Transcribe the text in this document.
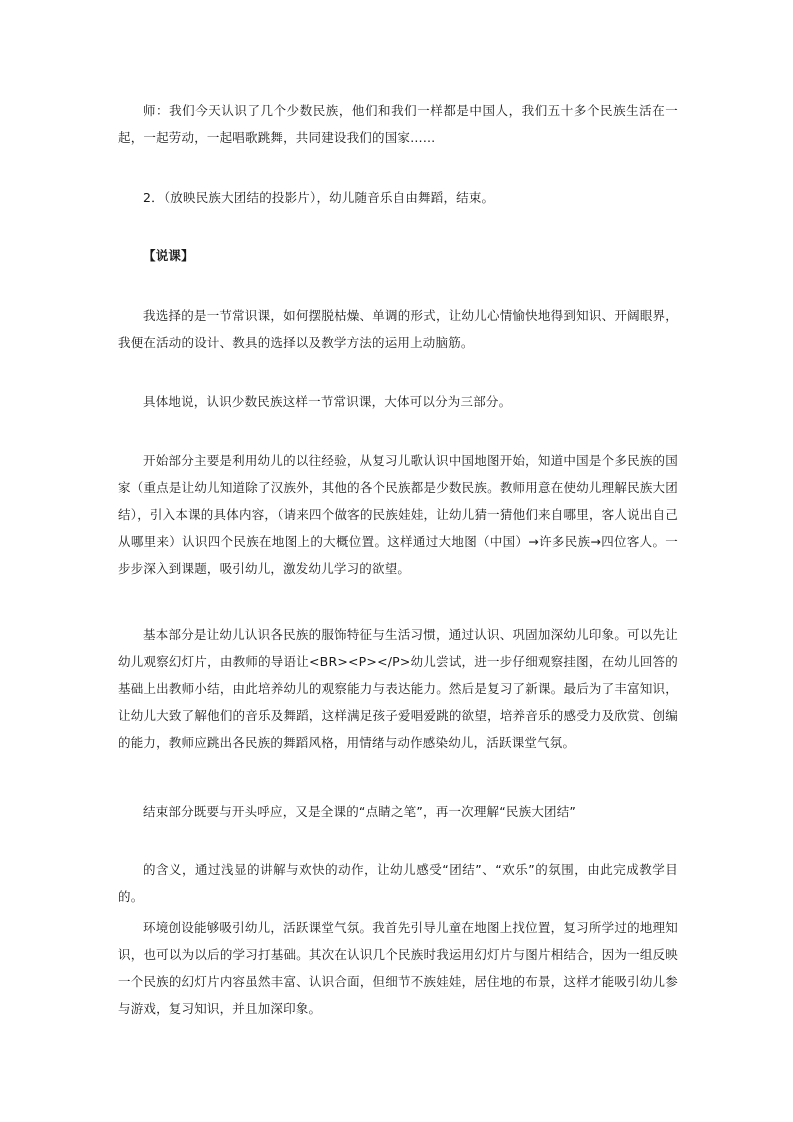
师：我们今天认识了几个少数民族，他们和我们一样都是中国人，我们五十多个民族生活在一起，一起劳动，一起唱歌跳舞，共同建设我们的国家……

2．（放映民族大团结的投影片），幼儿随音乐自由舞蹈，结束。

【说课】

我选择的是一节常识课，如何摆脱枯燥、单调的形式，让幼儿心情愉快地得到知识、开阔眼界，我便在活动的设计、教具的选择以及教学方法的运用上动脑筋。

具体地说，认识少数民族这样一节常识课，大体可以分为三部分。

开始部分主要是利用幼儿的以往经验，从复习儿歌认识中国地图开始，知道中国是个多民族的国家（重点是让幼儿知道除了汉族外，其他的各个民族都是少数民族。教师用意在使幼儿理解民族大团结），引入本课的具体内容，（请来四个做客的民族娃娃，让幼儿猜一猜他们来自哪里，客人说出自己从哪里来）认识四个民族在地图上的大概位置。这样通过大地图（中国）→许多民族→四位客人。一步步深入到课题，吸引幼儿，激发幼儿学习的欲望。

基本部分是让幼儿认识各民族的服饰特征与生活习惯，通过认识、巩固加深幼儿印象。可以先让幼儿观察幻灯片，由教师的导语让<BR><P></P>幼儿尝试，进一步仔细观察挂图，在幼儿回答的基础上出教师小结，由此培养幼儿的观察能力与表达能力。然后是复习了新课。最后为了丰富知识，让幼儿大致了解他们的音乐及舞蹈，这样满足孩子爱唱爱跳的欲望，培养音乐的感受力及欣赏、创编的能力，教师应跳出各民族的舞蹈风格，用情绪与动作感染幼儿，活跃课堂气氛。

结束部分既要与开头呼应，又是全课的“点睛之笔”，再一次理解“民族大团结”

的含义，通过浅显的讲解与欢快的动作，让幼儿感受“团结”、“欢乐”的氛围，由此完成教学目的。

环境创设能够吸引幼儿，活跃课堂气氛。我首先引导儿童在地图上找位置，复习所学过的地理知识，也可以为以后的学习打基础。其次在认识几个民族时我运用幻灯片与图片相结合，因为一组反映一个民族的幻灯片内容虽然丰富、认识合面，但细节不族娃娃，居住地的布景，这样才能吸引幼儿参与游戏，复习知识，并且加深印象。
